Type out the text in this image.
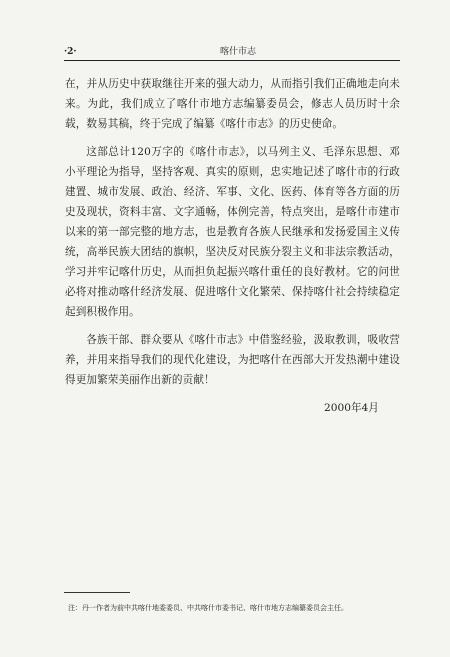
·2·	喀什市志

在，并从历史中获取继往开来的强大动力，从而指引我们正确地走向未来。为此，我们成立了喀什市地方志编纂委员会，修志人员历时十余载，数易其稿，终于完成了编纂《喀什市志》的历史使命。

这部总计120万字的《喀什市志》，以马列主义、毛泽东思想、邓小平理论为指导，坚持客观、真实的原则，忠实地记述了喀什市的行政建置、城市发展、政治、经济、军事、文化、医药、体育等各方面的历史及现状，资料丰富、文字通畅，体例完善，特点突出，是喀什市建市以来的第一部完整的地方志，也是教育各族人民继承和发扬爱国主义传统，高举民族大团结的旗帜，坚决反对民族分裂主义和非法宗教活动，学习并牢记喀什历史，从而担负起振兴喀什重任的良好教材。它的问世必将对推动喀什经济发展、促进喀什文化繁荣、保持喀什社会持续稳定起到积极作用。

各族干部、群众要从《喀什市志》中借鉴经验，汲取教训，吸收营养，并用来指导我们的现代化建设，为把喀什在西部大开发热潮中建设得更加繁荣美丽作出新的贡献！

2000年4月
注：丹一作者为前中共喀什地委委员、中共喀什市委书记、喀什市地方志编纂委员会主任。
